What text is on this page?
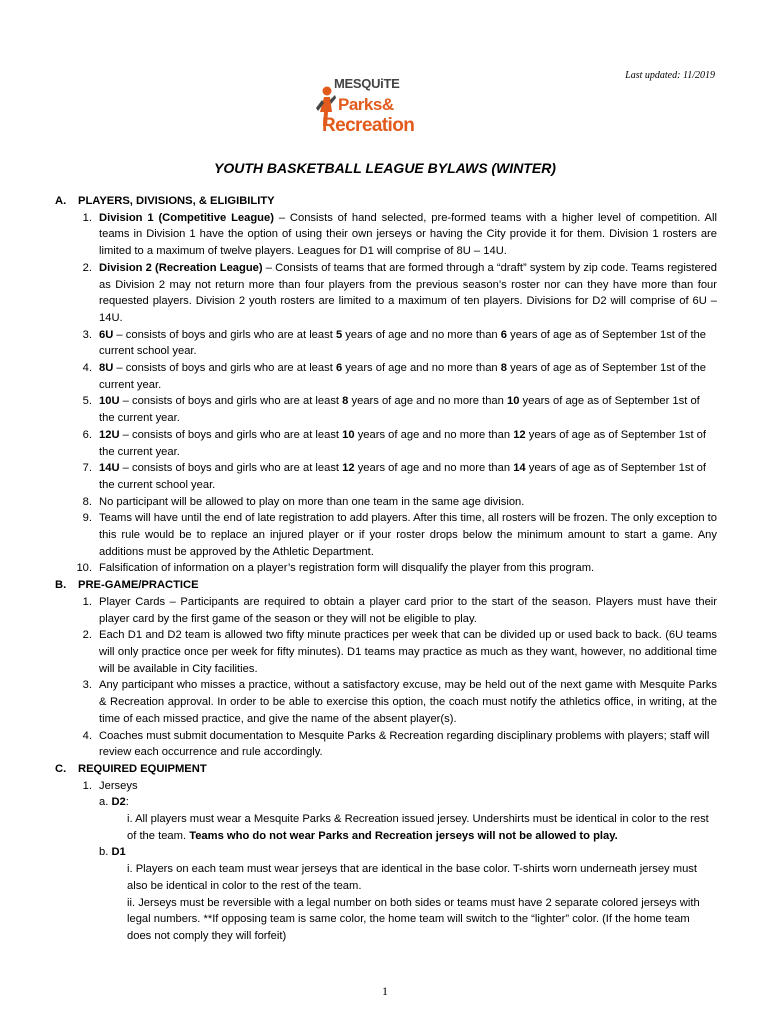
Last updated: 11/2019
MESQUiTE
Parks&
Recreation
YOUTH BASKETBALL LEAGUE BYLAWS (WINTER)
A.	PLAYERS, DIVISIONS, & ELIGIBILITY
1. Division 1 (Competitive League) – Consists of hand selected, pre-formed teams with a higher level of competition. All teams in Division 1 have the option of using their own jerseys or having the City provide it for them. Division 1 rosters are limited to a maximum of twelve players. Leagues for D1 will comprise of 8U – 14U.
2. Division 2 (Recreation League) – Consists of teams that are formed through a “draft” system by zip code. Teams registered as Division 2 may not return more than four players from the previous season’s roster nor can they have more than four requested players. Division 2 youth rosters are limited to a maximum of ten players. Divisions for D2 will comprise of 6U – 14U.
3. 6U – consists of boys and girls who are at least 5 years of age and no more than 6 years of age as of September 1st of the current school year.
4. 8U – consists of boys and girls who are at least 6 years of age and no more than 8 years of age as of September 1st of the current year.
5. 10U – consists of boys and girls who are at least 8 years of age and no more than 10 years of age as of September 1st of the current year.
6. 12U – consists of boys and girls who are at least 10 years of age and no more than 12 years of age as of September 1st of the current year.
7. 14U – consists of boys and girls who are at least 12 years of age and no more than 14 years of age as of September 1st of the current school year.
8. No participant will be allowed to play on more than one team in the same age division.
9. Teams will have until the end of late registration to add players. After this time, all rosters will be frozen. The only exception to this rule would be to replace an injured player or if your roster drops below the minimum amount to start a game. Any additions must be approved by the Athletic Department.
10. Falsification of information on a player’s registration form will disqualify the player from this program.
B.	PRE-GAME/PRACTICE
1. Player Cards – Participants are required to obtain a player card prior to the start of the season. Players must have their player card by the first game of the season or they will not be eligible to play.
2. Each D1 and D2 team is allowed two fifty minute practices per week that can be divided up or used back to back. (6U teams will only practice once per week for fifty minutes). D1 teams may practice as much as they want, however, no additional time will be available in City facilities.
3. Any participant who misses a practice, without a satisfactory excuse, may be held out of the next game with Mesquite Parks & Recreation approval. In order to be able to exercise this option, the coach must notify the athletics office, in writing, at the time of each missed practice, and give the name of the absent player(s).
4. Coaches must submit documentation to Mesquite Parks & Recreation regarding disciplinary problems with players; staff will review each occurrence and rule accordingly.
C.	REQUIRED EQUIPMENT
1. Jerseys
a. D2:
i. All players must wear a Mesquite Parks & Recreation issued jersey. Undershirts must be identical in color to the rest of the team. Teams who do not wear Parks and Recreation jerseys will not be allowed to play.
b. D1
i. Players on each team must wear jerseys that are identical in the base color. T-shirts worn underneath jersey must also be identical in color to the rest of the team.
ii. Jerseys must be reversible with a legal number on both sides or teams must have 2 separate colored jerseys with legal numbers. **If opposing team is same color, the home team will switch to the “lighter” color. (If the home team does not comply they will forfeit)
1
